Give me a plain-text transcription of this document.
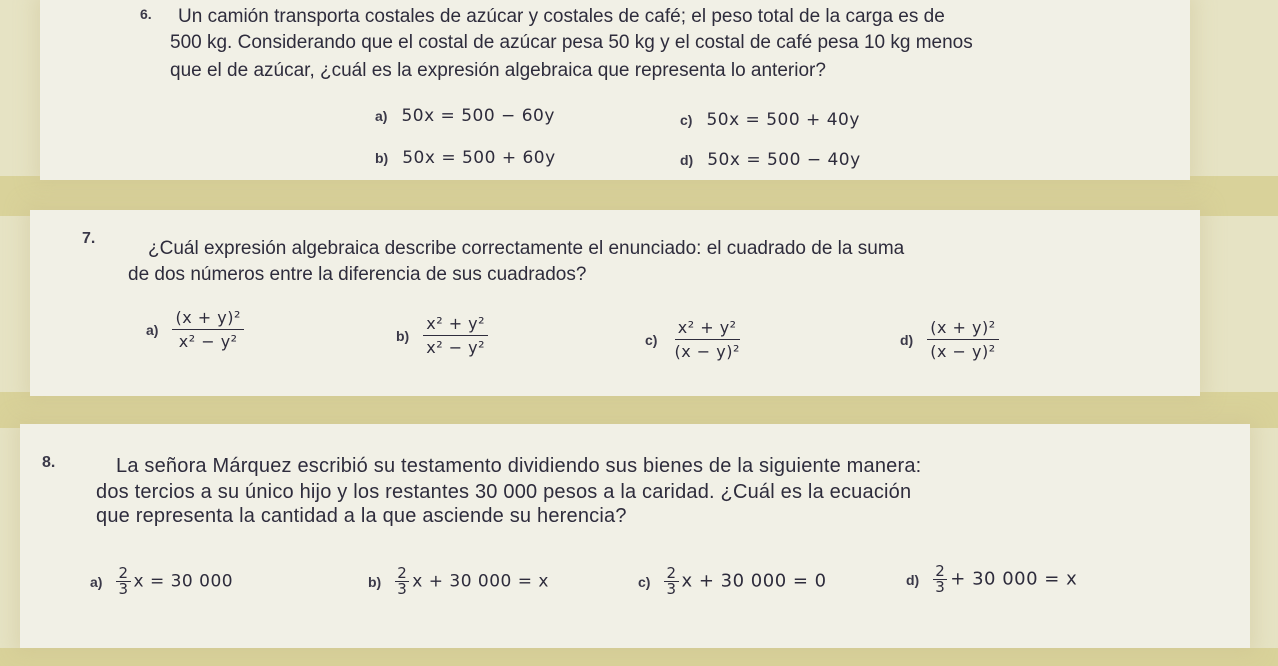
6. Un camión transporta costales de azúcar y costales de café; el peso total de la carga es de
500 kg. Considerando que el costal de azúcar pesa 50 kg y el costal de café pesa 10 kg menos
que el de azúcar, ¿cuál es la expresión algebraica que representa lo anterior?
a) 50x = 500 − 60y	c) 50x = 500 + 40y
b) 50x = 500 + 60y	d) 50x = 500 − 40y
7.	¿Cuál expresión algebraica describe correctamente el enunciado: el cuadrado de la suma
de dos números entre la diferencia de sus cuadrados?
$a) \frac{\text{(x + y)²}}{\text{x² − y²}}$	$b) \frac{\text{x² + y²}}{\text{x² − y²}}$	$c) \frac{\text{x² + y²}}{\text{(x − y)²}}$	$d) \frac{\text{(x + y)²}}{\text{(x − y)²}}$
8.	La señora Márquez escribió su testamento dividiendo sus bienes de la siguiente manera:
dos tercios a su único hijo y los restantes 30 000 pesos a la caridad. ¿Cuál es la ecuación
que representa la cantidad a la que asciende su herencia?
$a) \frac{2}{3}$ x = 30 000	$b) \frac{2}{3}$ x + 30 000 = x	$c) \frac{2}{3}$ x + 30 000 = 0	$d) \frac{2}{3} + 30$ 000 = x
